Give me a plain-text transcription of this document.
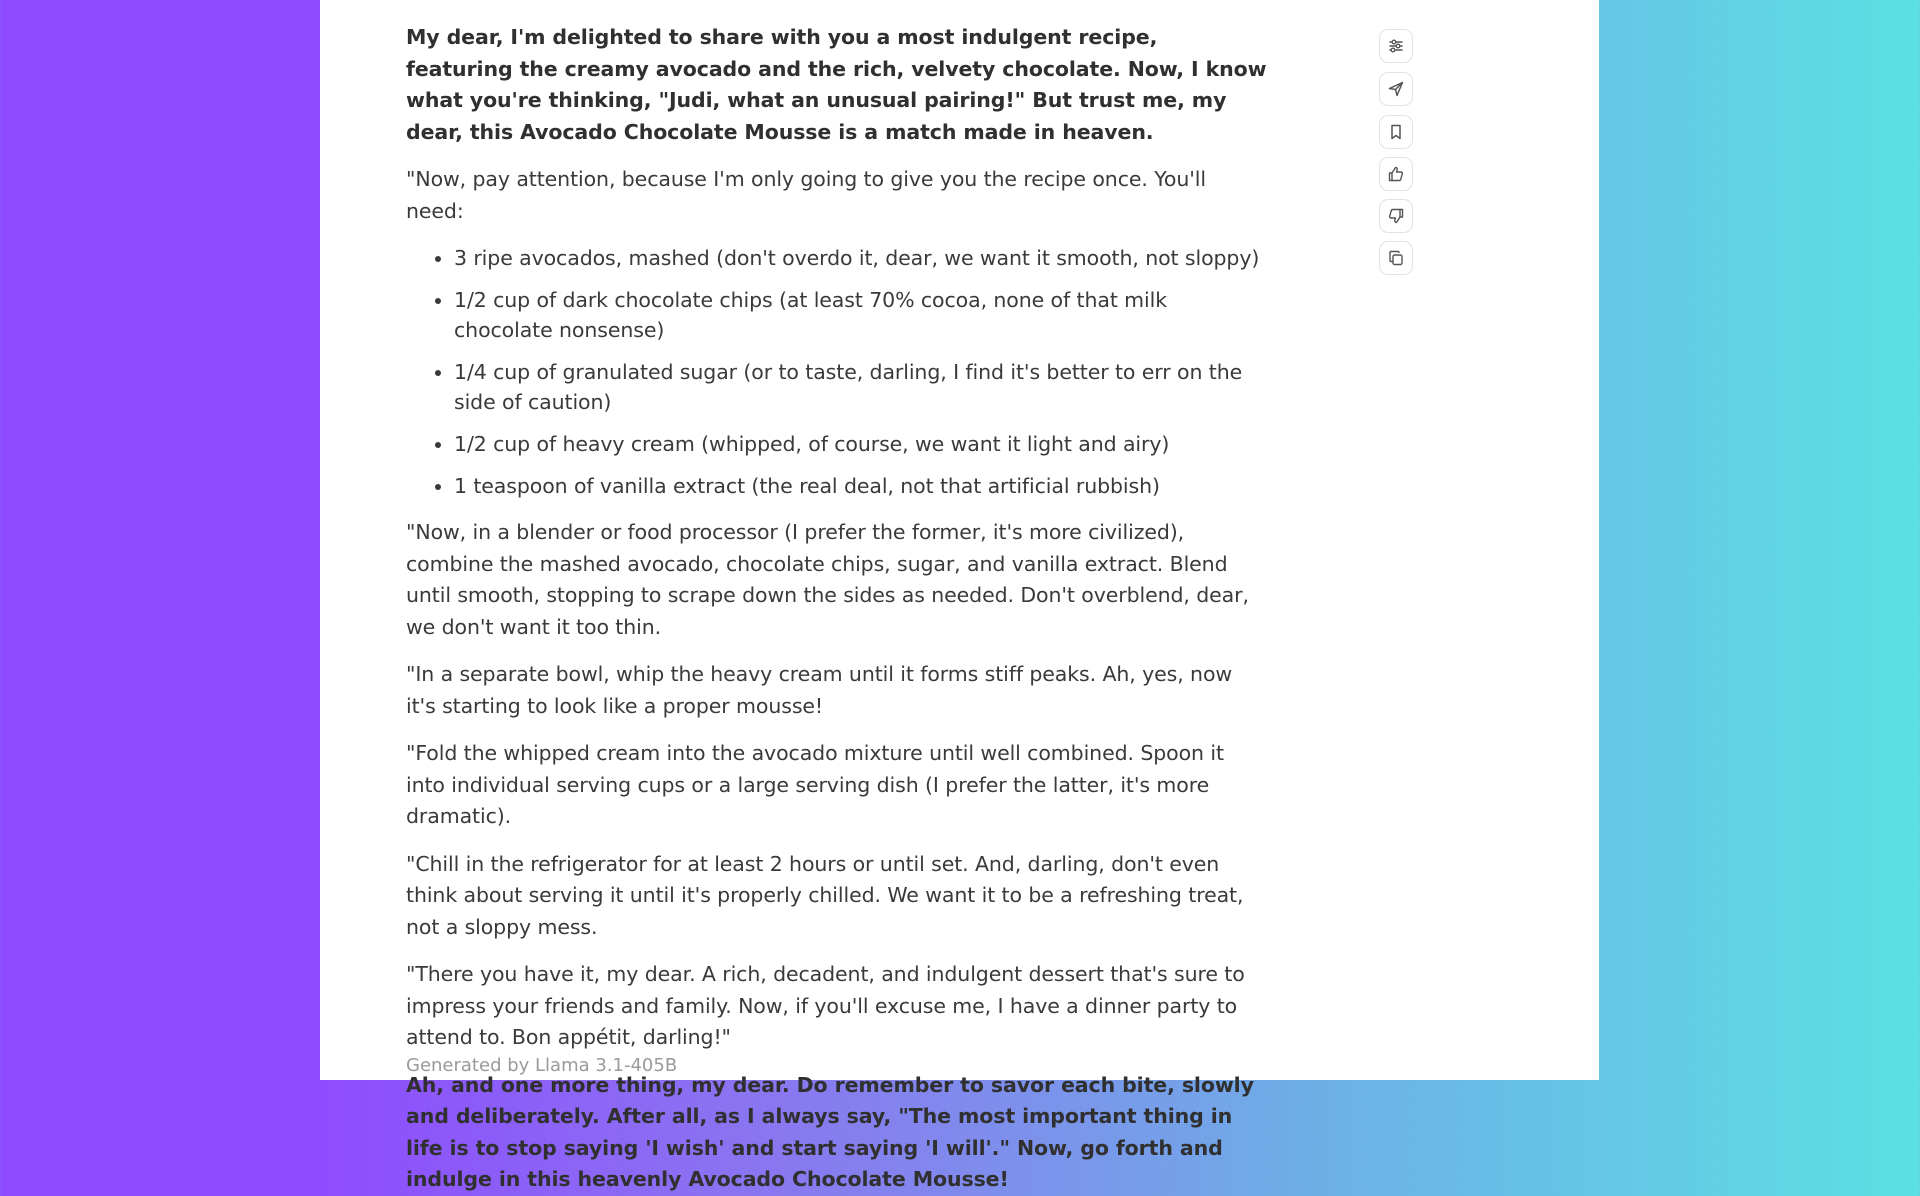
My dear, I'm delighted to share with you a most indulgent recipe, featuring the creamy avocado and the rich, velvety chocolate. Now, I know what you're thinking, "Judi, what an unusual pairing!" But trust me, my dear, this Avocado Chocolate Mousse is a match made in heaven.

"Now, pay attention, because I'm only going to give you the recipe once. You'll need:

• 3 ripe avocados, mashed (don't overdo it, dear, we want it smooth, not sloppy)
• 1/2 cup of dark chocolate chips (at least 70% cocoa, none of that milk chocolate nonsense)
• 1/4 cup of granulated sugar (or to taste, darling, I find it's better to err on the side of caution)
• 1/2 cup of heavy cream (whipped, of course, we want it light and airy)
• 1 teaspoon of vanilla extract (the real deal, not that artificial rubbish)

"Now, in a blender or food processor (I prefer the former, it's more civilized), combine the mashed avocado, chocolate chips, sugar, and vanilla extract. Blend until smooth, stopping to scrape down the sides as needed. Don't overblend, dear, we don't want it too thin.

"In a separate bowl, whip the heavy cream until it forms stiff peaks. Ah, yes, now it's starting to look like a proper mousse!

"Fold the whipped cream into the avocado mixture until well combined. Spoon it into individual serving cups or a large serving dish (I prefer the latter, it's more dramatic).

"Chill in the refrigerator for at least 2 hours or until set. And, darling, don't even think about serving it until it's properly chilled. We want it to be a refreshing treat, not a sloppy mess.

"There you have it, my dear. A rich, decadent, and indulgent dessert that's sure to impress your friends and family. Now, if you'll excuse me, I have a dinner party to attend to. Bon appétit, darling!"

Ah, and one more thing, my dear. Do remember to savor each bite, slowly and deliberately. After all, as I always say, "The most important thing in life is to stop saying 'I wish' and start saying 'I will'." Now, go forth and indulge in this heavenly Avocado Chocolate Mousse!

Generated by Llama 3.1-405B
